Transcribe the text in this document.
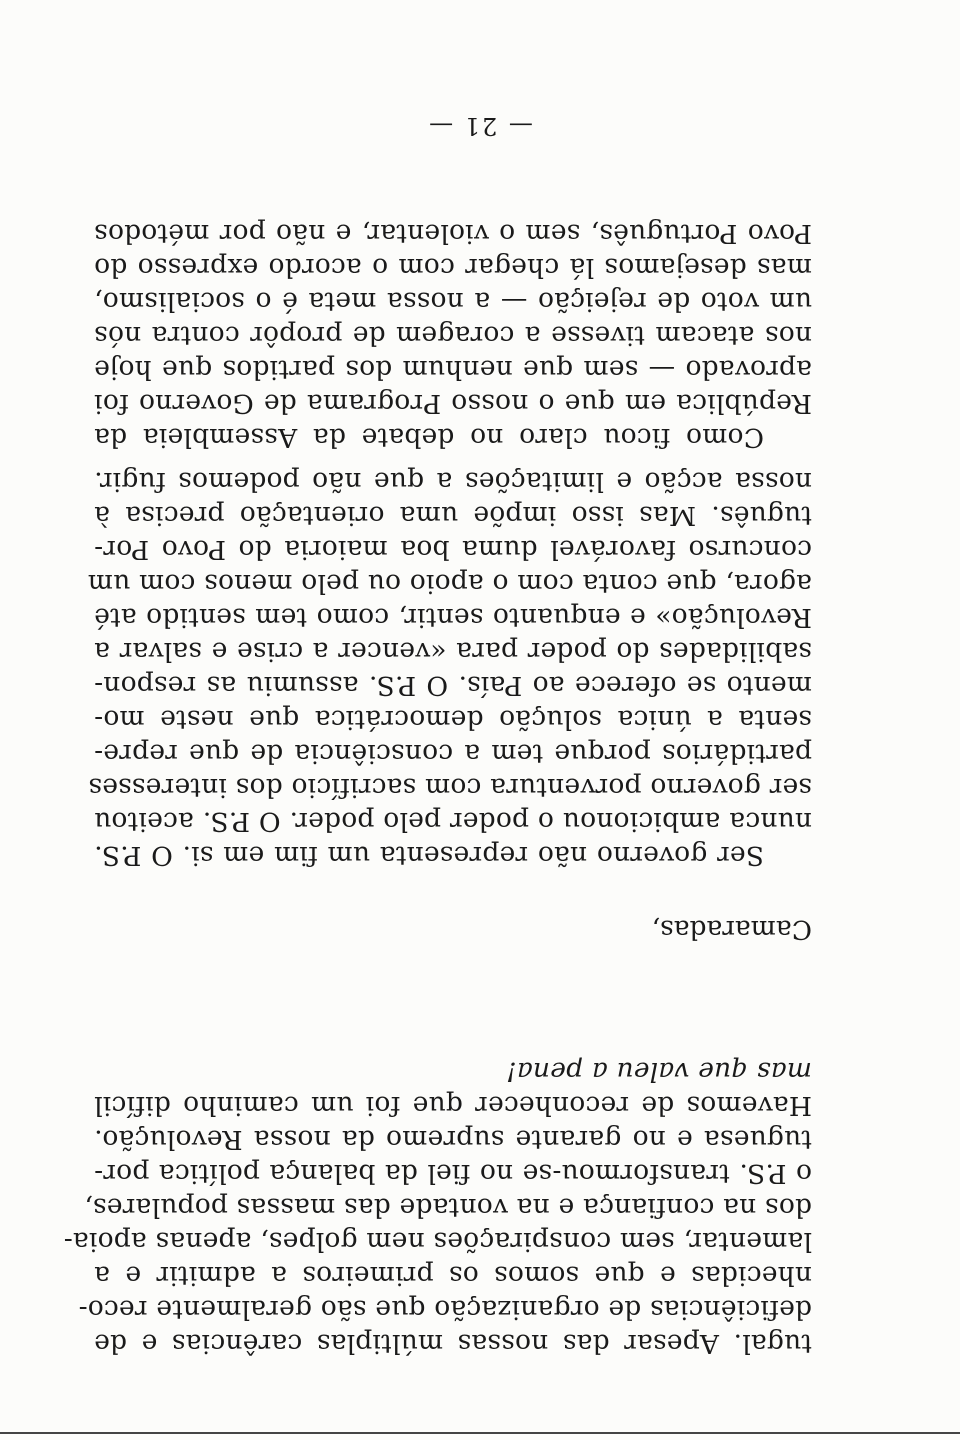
tugal. Apesar das nossas múltiplas carências e de
deficiências de organização que são geralmente reco-
nhecidas e que somos os primeiros a admitir e a
lamentar, sem conspirações nem golpes, apenas apoia-
dos na confiança e na vontade das massas populares,
o P.S. transformou-se no fiel da balança política por-
tuguesa e no garante supremo da nossa Revolução.
Havemos de reconhecer que foi um caminho difícil
mas que valeu a pena!
Camaradas,
Ser governo não representa um fim em si. O P.S.
nunca ambicionou o poder pelo poder. O P.S. aceitou
ser governo porventura com sacrifício dos interesses
partidários porque tem a consciência de que repre-
senta a única solução democrática que neste mo-
mento se oferece ao País. O P.S. assumiu as respon-
sabilidades do poder para «vencer a crise e salvar a
Revolução» e enquanto sentir, como tem sentido até
agora, que conta com o apoio ou pelo menos com um
concurso favorável duma boa maioria do Povo Por-
tuguês. Mas isso impõe uma orientação precisa à
nossa acção e limitações a que não podemos fugir.
Como ficou claro no debate da Assembleia da
República em que o nosso Programa de Governo foi
aprovado — sem que nenhum dos partidos que hoje
nos atacam tivesse a coragem de propôr contra nós
um voto de rejeição — a nossa meta é o socialismo,
mas desejamos lá chegar com o acordo expresso do
Povo Português, sem o violentar, e não por métodos
— 21 —
